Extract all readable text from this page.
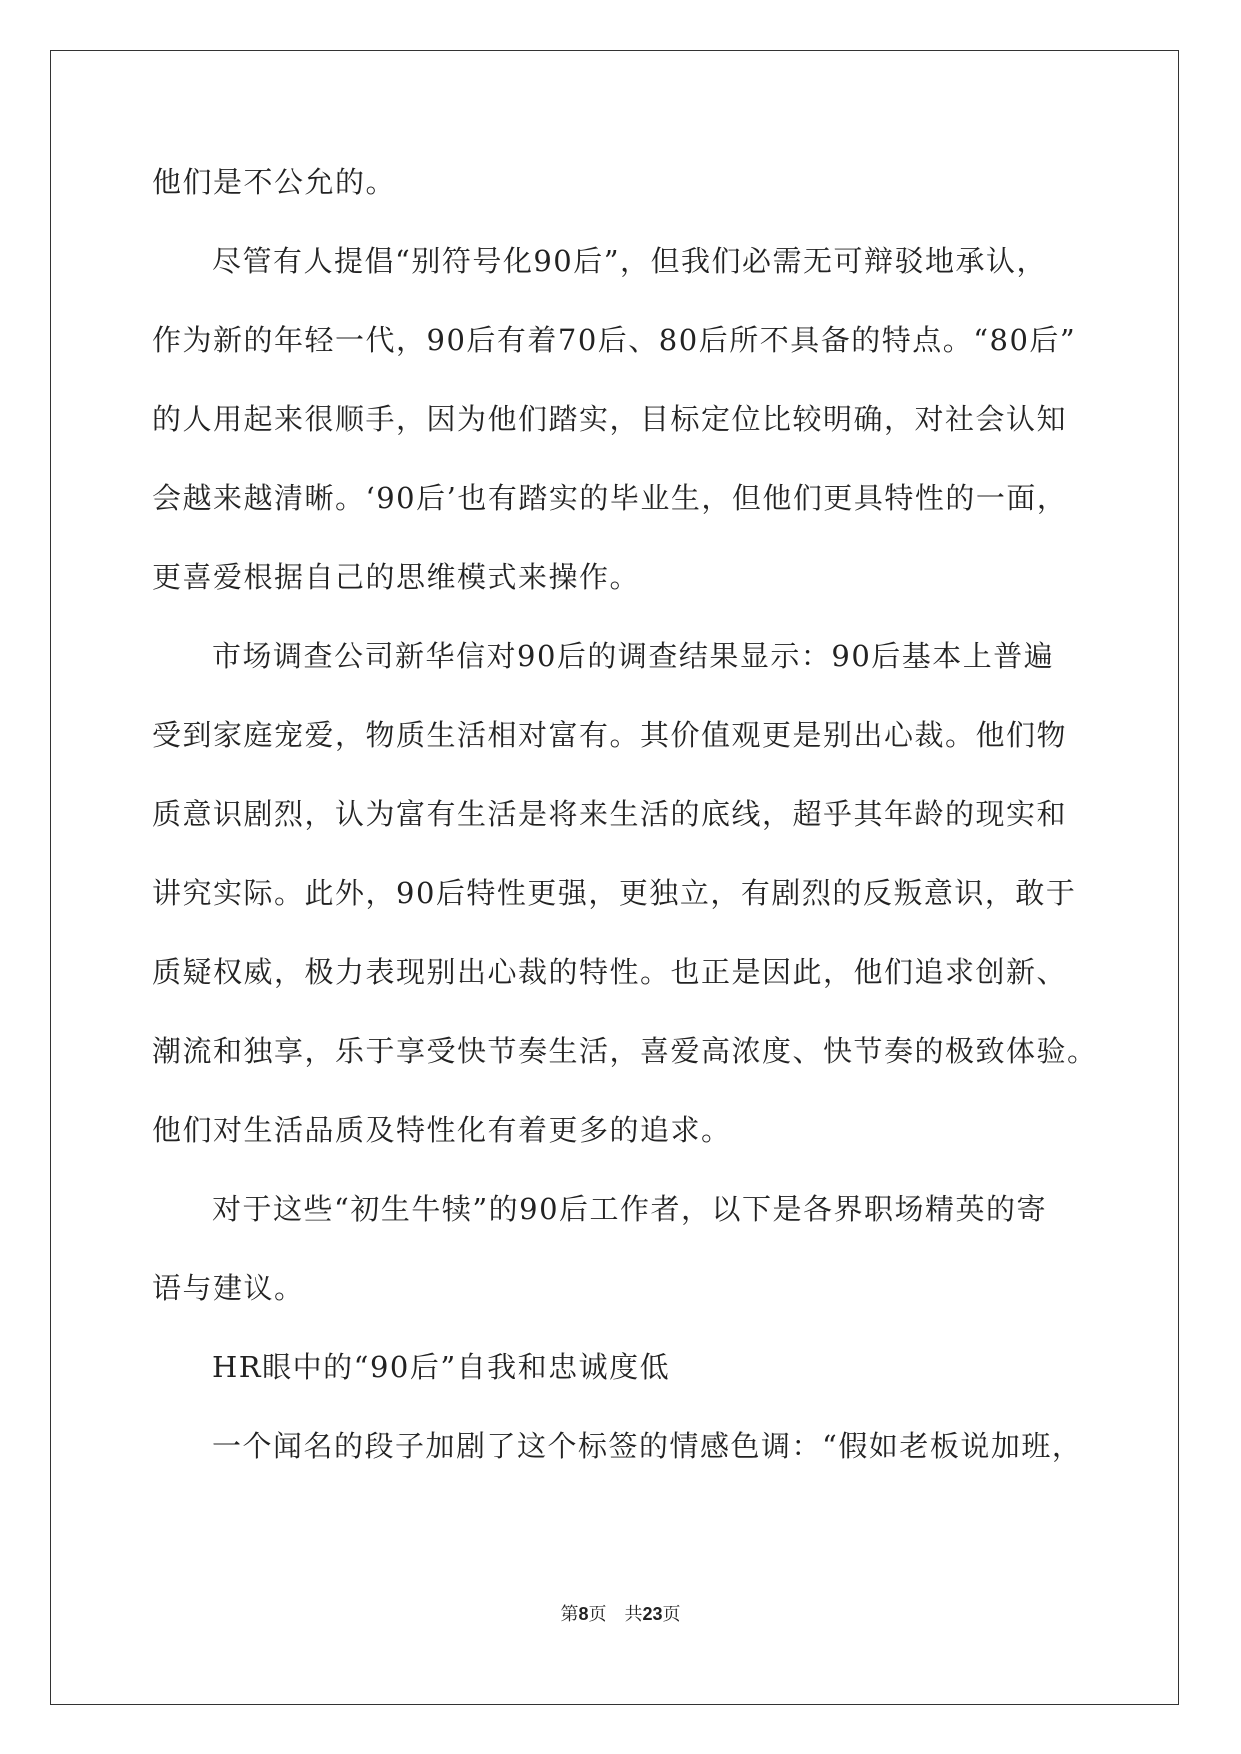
他们是不公允的。
尽管有人提倡“别符号化90后”，但我们必需无可辩驳地承认，
作为新的年轻一代，90后有着70后、80后所不具备的特点。“80后”
的人用起来很顺手，因为他们踏实，目标定位比较明确，对社会认知
会越来越清晰。‘90后’也有踏实的毕业生，但他们更具特性的一面，
更喜爱根据自己的思维模式来操作。
市场调查公司新华信对90后的调查结果显示：90后基本上普遍
受到家庭宠爱，物质生活相对富有。其价值观更是别出心裁。他们物
质意识剧烈，认为富有生活是将来生活的底线，超乎其年龄的现实和
讲究实际。此外，90后特性更强，更独立，有剧烈的反叛意识，敢于
质疑权威，极力表现别出心裁的特性。也正是因此，他们追求创新、
潮流和独享，乐于享受快节奏生活，喜爱高浓度、快节奏的极致体验。
他们对生活品质及特性化有着更多的追求。
对于这些“初生牛犊”的90后工作者，以下是各界职场精英的寄
语与建议。
HR眼中的“90后”自我和忠诚度低
一个闻名的段子加剧了这个标签的情感色调：“假如老板说加班，
第8页 共23页
